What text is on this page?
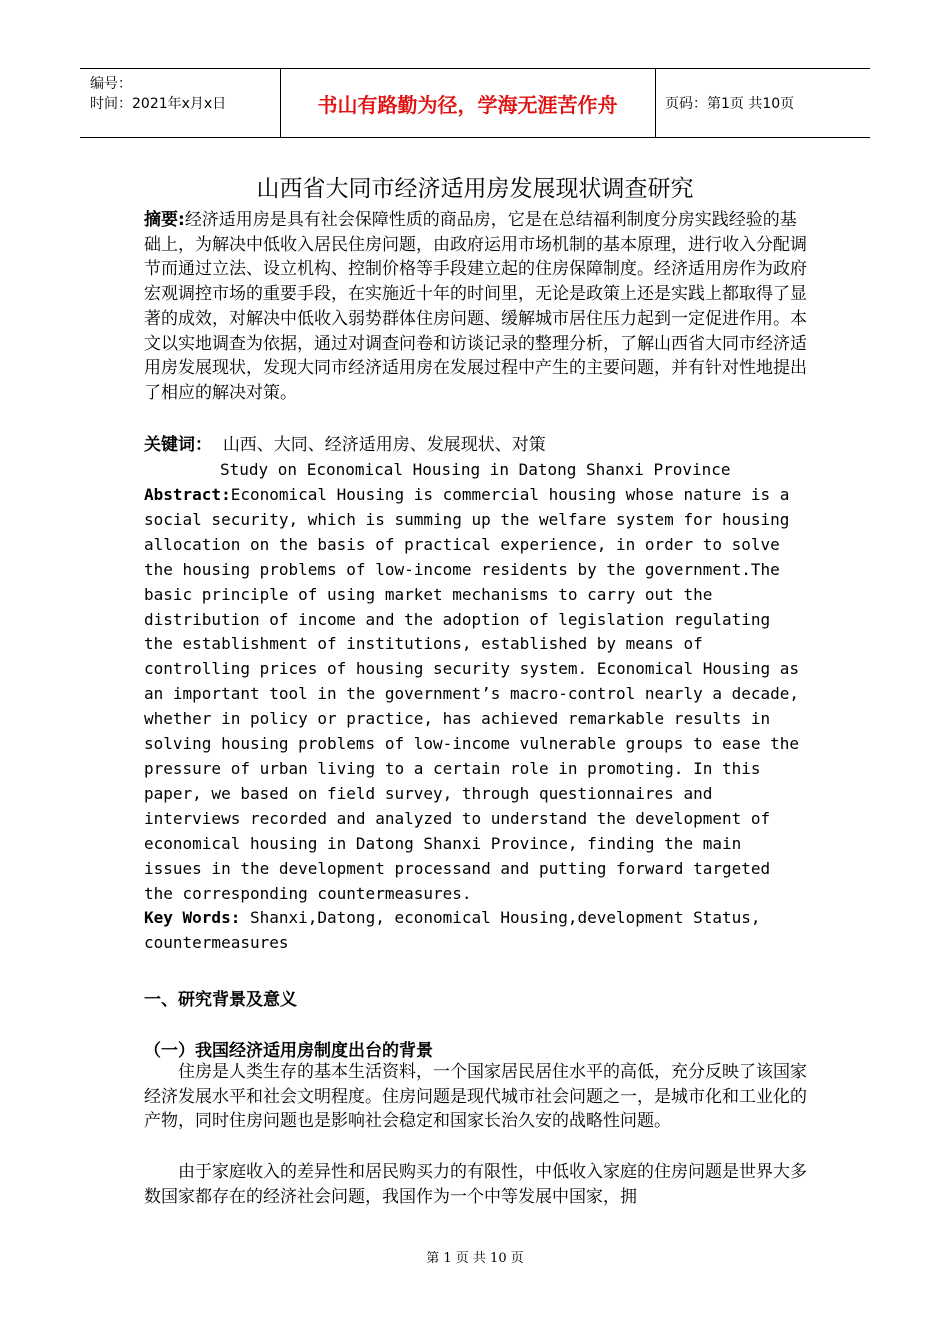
编号：
时间：2021年x月x日	书山有路勤为径，学海无涯苦作舟	页码：第1页 共10页
山西省大同市经济适用房发展现状调查研究
摘要:经济适用房是具有社会保障性质的商品房，它是在总结福利制度分房实践经验的基础上，为解决中低收入居民住房问题，由政府运用市场机制的基本原理，进行收入分配调节而通过立法、设立机构、控制价格等手段建立起的住房保障制度。经济适用房作为政府宏观调控市场的重要手段，在实施近十年的时间里，无论是政策上还是实践上都取得了显著的成效，对解决中低收入弱势群体住房问题、缓解城市居住压力起到一定促进作用。本文以实地调查为依据，通过对调查问卷和访谈记录的整理分析，了解山西省大同市经济适用房发展现状，发现大同市经济适用房在发展过程中产生的主要问题，并有针对性地提出了相应的解决对策。
关键词： 山西、大同、经济适用房、发展现状、对策
Study on Economical Housing in Datong Shanxi Province
Abstract:Economical Housing is commercial housing whose nature is a social security, which is summing up the welfare system for housing allocation on the basis of practical experience, in order to solve the housing problems of low-income residents by the government.The basic principle of using market mechanisms to carry out the distribution of income and the adoption of legislation regulating the establishment of institutions, established by means of controlling prices of housing security system. Economical Housing as an important tool in the government’s macro-control nearly a decade, whether in policy or practice, has achieved remarkable results in solving housing problems of low-income vulnerable groups to ease the pressure of urban living to a certain role in promoting. In this paper, we based on field survey, through questionnaires and interviews recorded and analyzed to understand the development of economical housing in Datong Shanxi Province, finding the main issues in the development processand and putting forward targeted the corresponding countermeasures.
Key Words: Shanxi,Datong, economical Housing,development Status, countermeasures
一、研究背景及意义
（一）我国经济适用房制度出台的背景
住房是人类生存的基本生活资料，一个国家居民居住水平的高低，充分反映了该国家经济发展水平和社会文明程度。住房问题是现代城市社会问题之一，是城市化和工业化的产物，同时住房问题也是影响社会稳定和国家长治久安的战略性问题。
由于家庭收入的差异性和居民购买力的有限性，中低收入家庭的住房问题是世界大多数国家都存在的经济社会问题，我国作为一个中等发展中国家，拥
第 1 页 共 10 页
